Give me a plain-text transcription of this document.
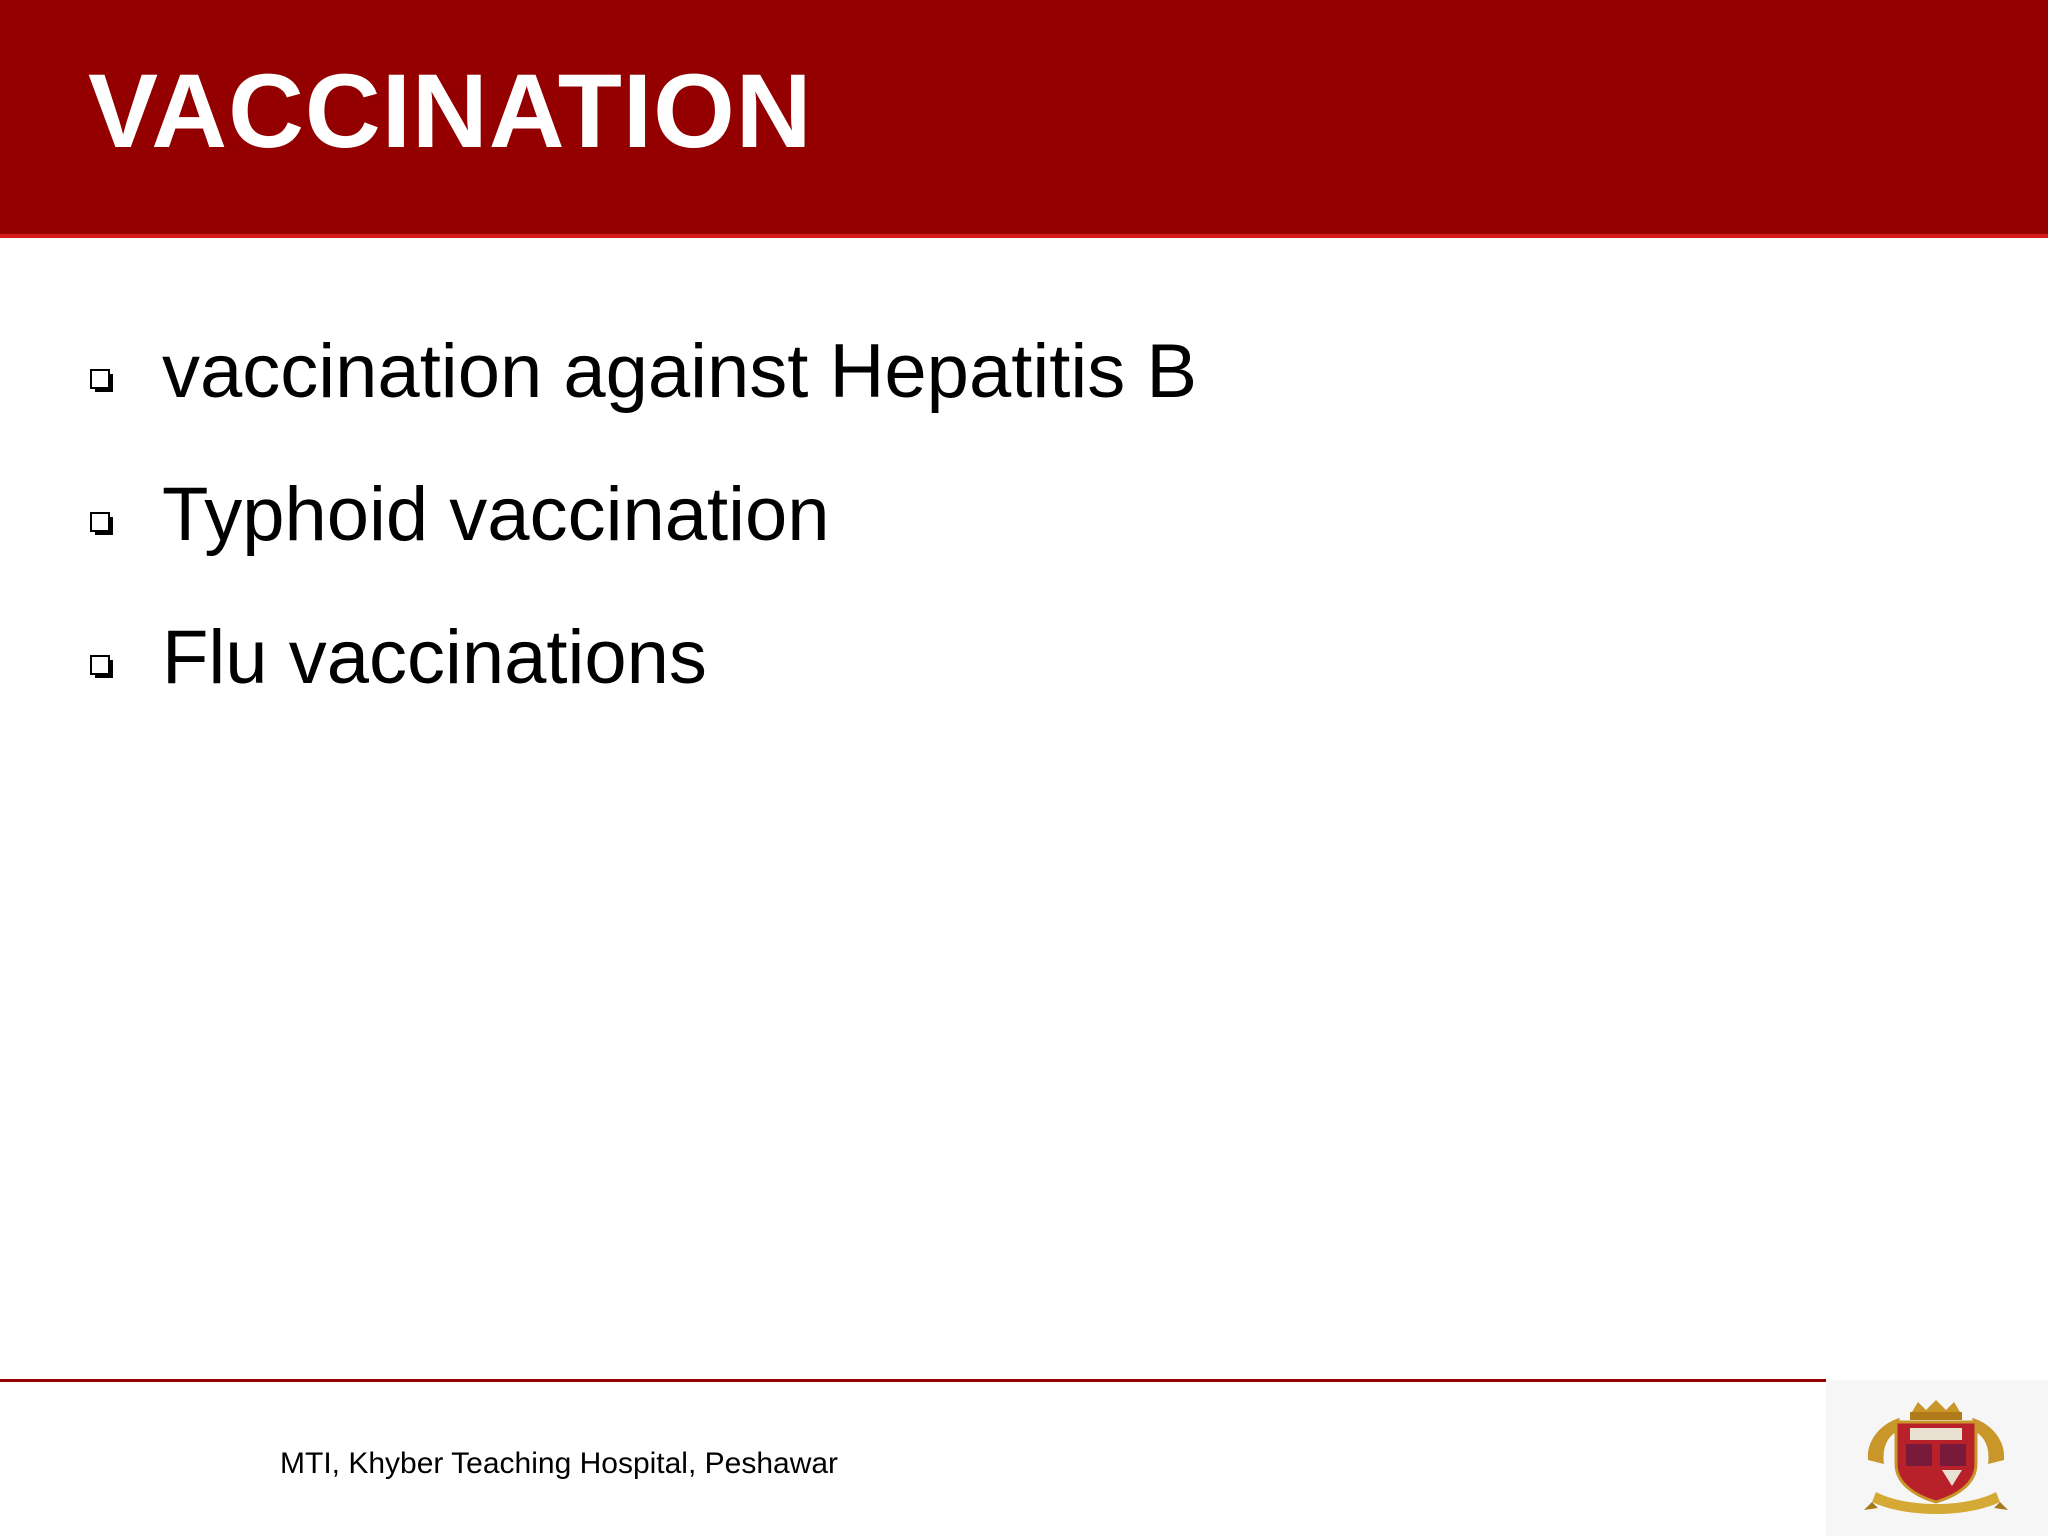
VACCINATION
vaccination against Hepatitis B
Typhoid vaccination
Flu vaccinations
MTI, Khyber Teaching Hospital, Peshawar
